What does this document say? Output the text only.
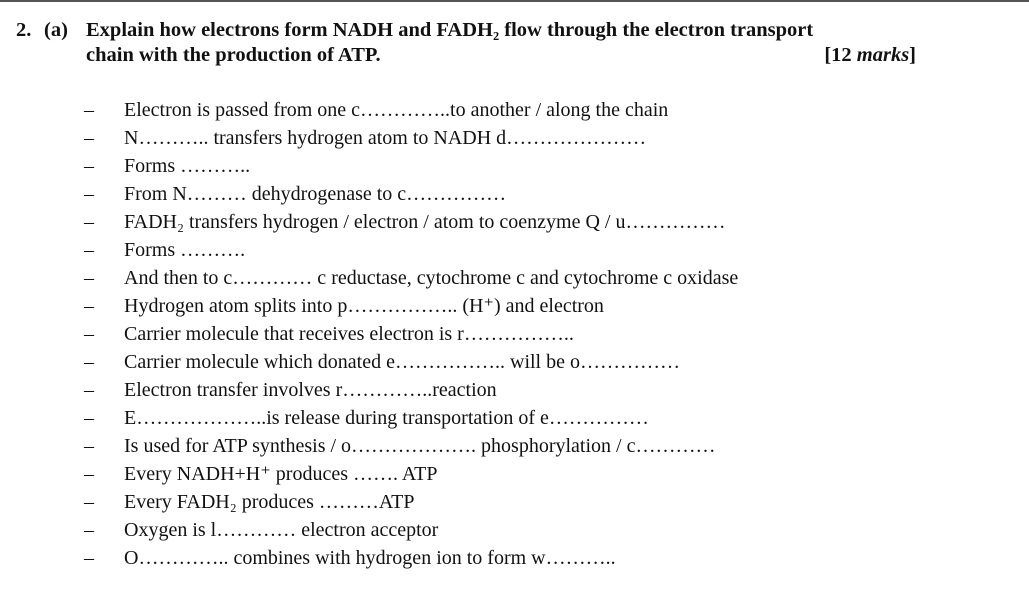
2. (a) Explain how electrons form NADH and FADH₂ flow through the electron transport
chain with the production of ATP.	[12 marks]
– Electron is passed from one c…………..to another / along the chain
– N……….. transfers hydrogen atom to NADH d…………………
– Forms ………..
– From N……… dehydrogenase to c……………
– FADH₂ transfers hydrogen / electron / atom to coenzyme Q / u……………
– Forms ……….
– And then to c………… c reductase, cytochrome c and cytochrome c oxidase
– Hydrogen atom splits into p…………….. (H⁺) and electron
– Carrier molecule that receives electron is r……………..
– Carrier molecule which donated e…………….. will be o……………
– Electron transfer involves r…………..reaction
– E………………..is release during transportation of e……………
– Is used for ATP synthesis / o………………. phosphorylation / c…………
– Every NADH+H⁺ produces ……. ATP
– Every FADH₂ produces ………ATP
– Oxygen is l………… electron acceptor
– O………….. combines with hydrogen ion to form w………..
